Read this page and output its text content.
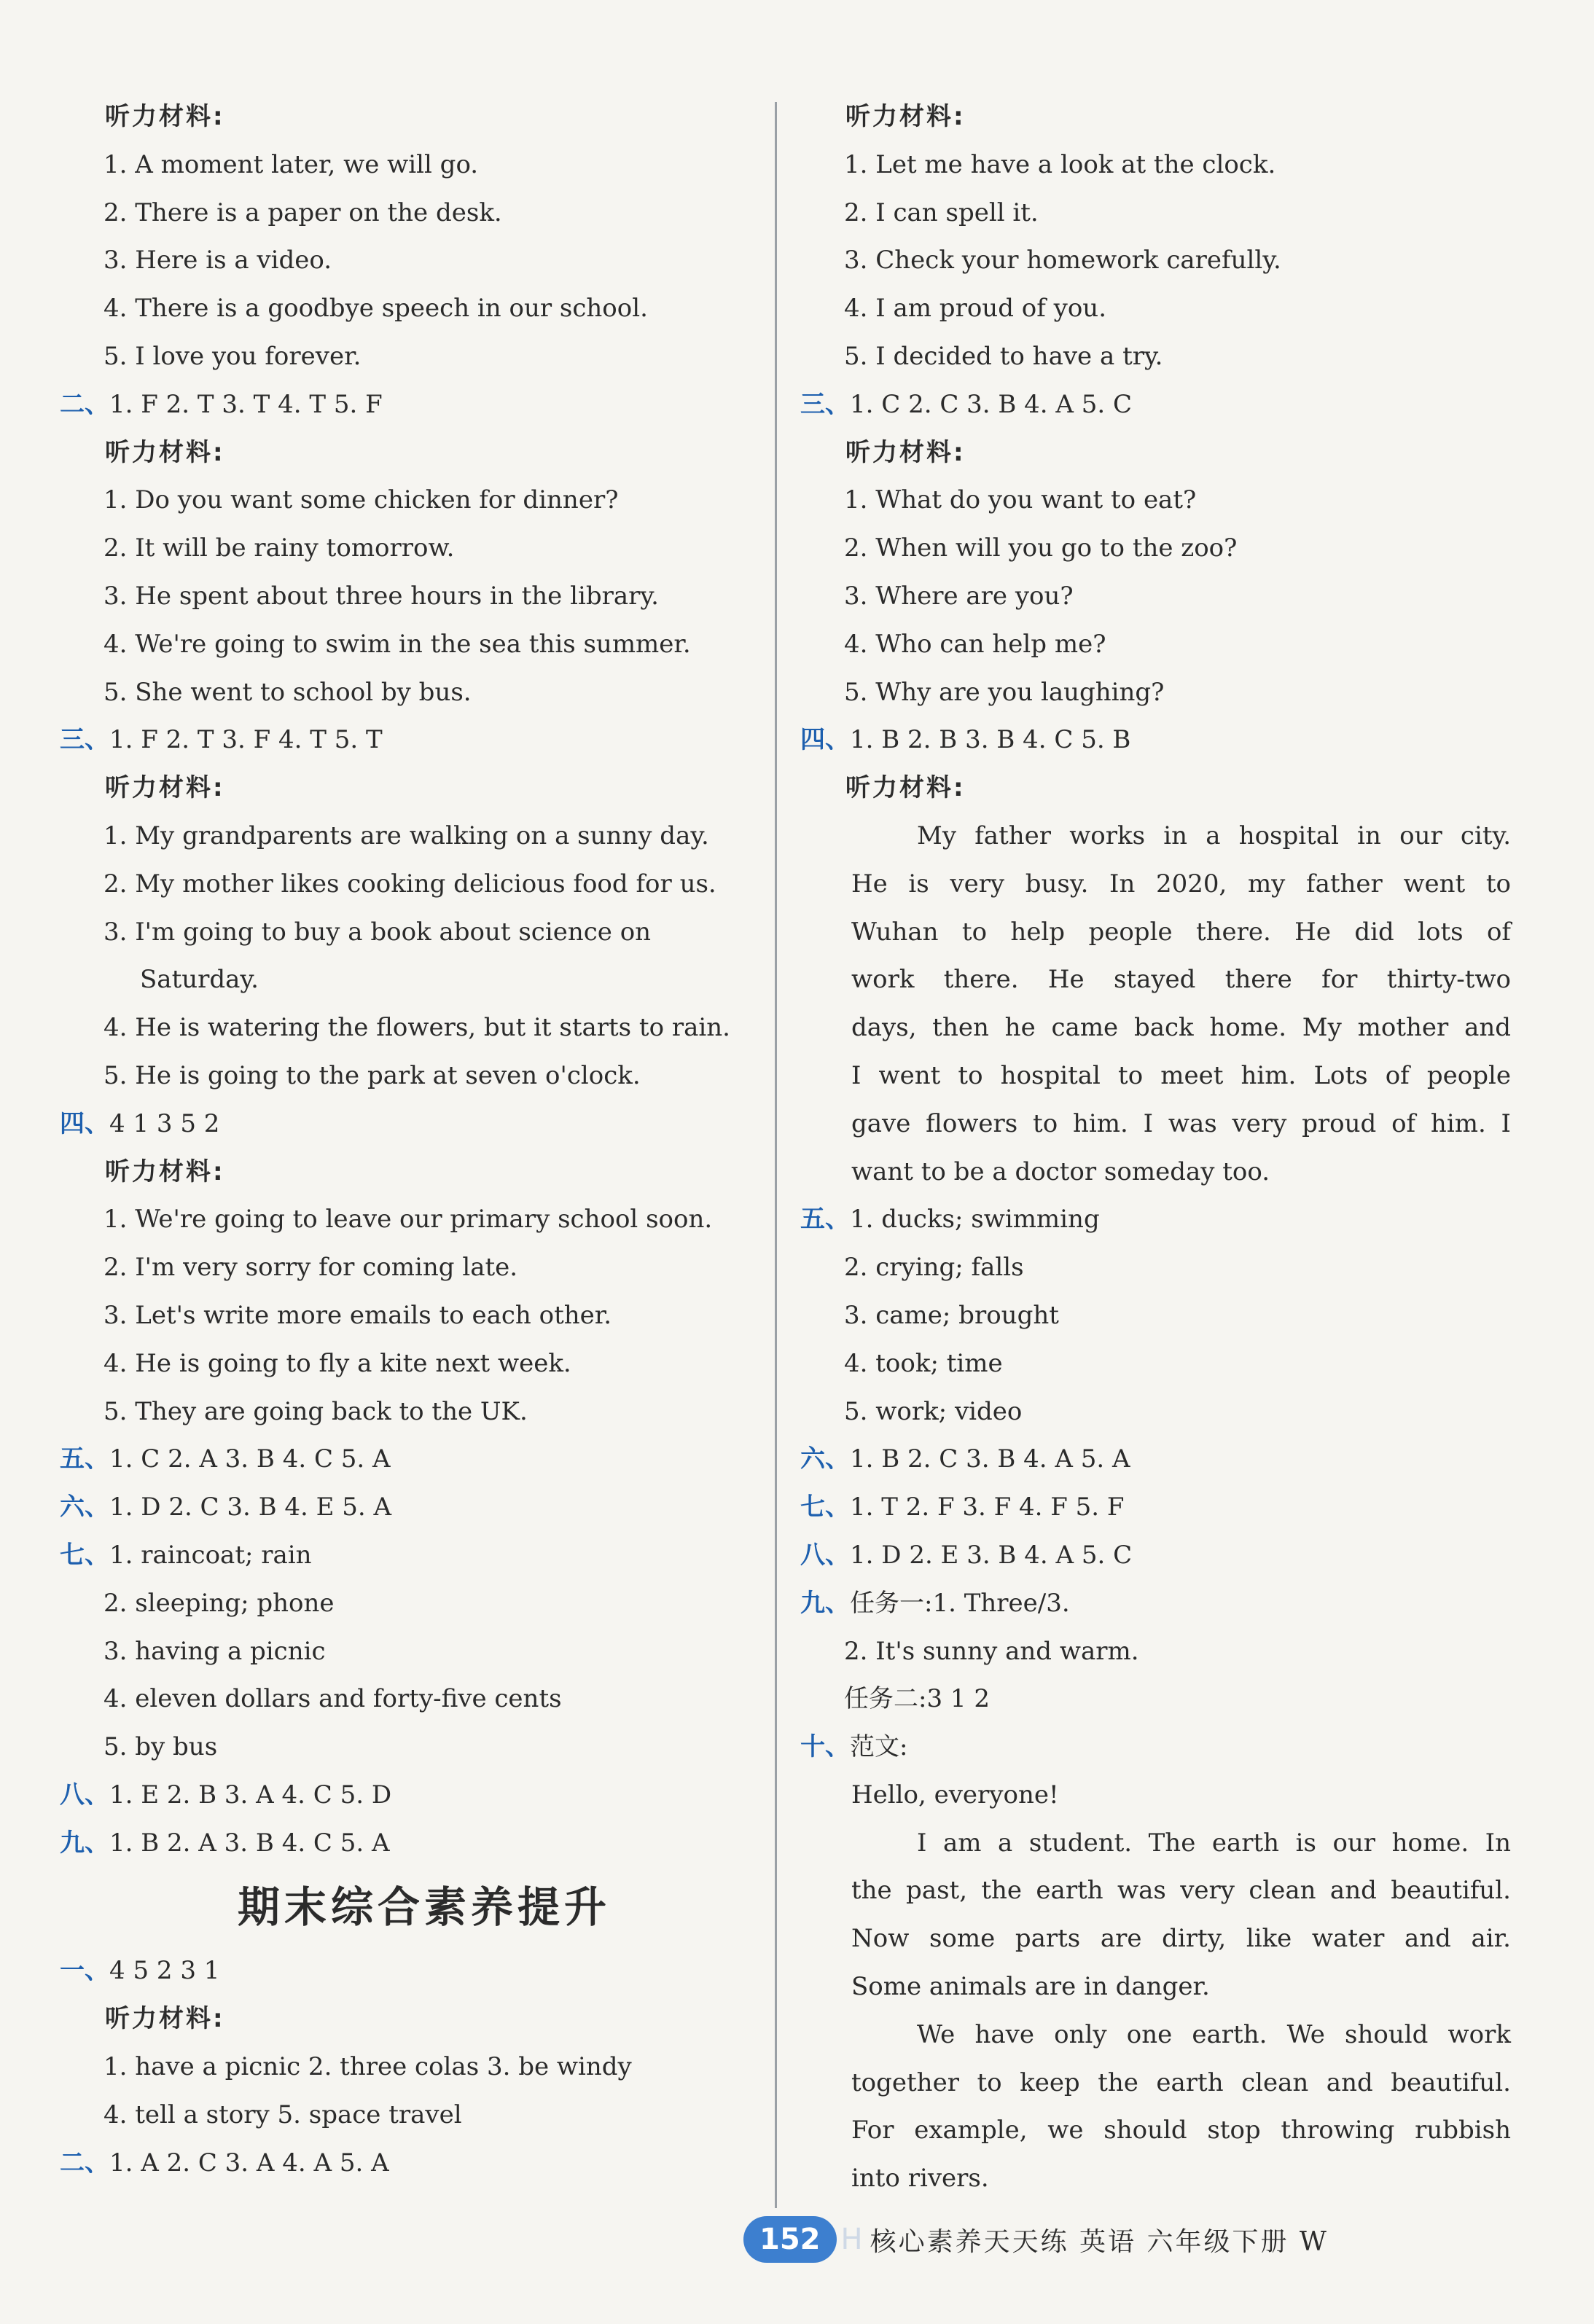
听力材料:
1. A moment later, we will go.
2. There is a paper on the desk.
3. Here is a video.
4. There is a goodbye speech in our school.
5. I love you forever.
二、1. F 2. T 3. T 4. T 5. F
听力材料:
1. Do you want some chicken for dinner?
2. It will be rainy tomorrow.
3. He spent about three hours in the library.
4. We're going to swim in the sea this summer.
5. She went to school by bus.
三、1. F 2. T 3. F 4. T 5. T
听力材料:
1. My grandparents are walking on a sunny day.
2. My mother likes cooking delicious food for us.
3. I'm going to buy a book about science on
Saturday.
4. He is watering the flowers, but it starts to rain.
5. He is going to the park at seven o'clock.
四、4 1 3 5 2
听力材料:
1. We're going to leave our primary school soon.
2. I'm very sorry for coming late.
3. Let's write more emails to each other.
4. He is going to fly a kite next week.
5. They are going back to the UK.
五、1. C 2. A 3. B 4. C 5. A
六、1. D 2. C 3. B 4. E 5. A
七、1. raincoat; rain
2. sleeping; phone
3. having a picnic
4. eleven dollars and forty-five cents
5. by bus
八、1. E 2. B 3. A 4. C 5. D
九、1. B 2. A 3. B 4. C 5. A
期末综合素养提升
一、4 5 2 3 1
听力材料:
1. have a picnic 2. three colas 3. be windy
4. tell a story 5. space travel
二、1. A 2. C 3. A 4. A 5. A
听力材料:
1. Let me have a look at the clock.
2. I can spell it.
3. Check your homework carefully.
4. I am proud of you.
5. I decided to have a try.
三、1. C 2. C 3. B 4. A 5. C
听力材料:
1. What do you want to eat?
2. When will you go to the zoo?
3. Where are you?
4. Who can help me?
5. Why are you laughing?
四、1. B 2. B 3. B 4. C 5. B
听力材料:
My father works in a hospital in our city.
He is very busy. In 2020, my father went to
Wuhan to help people there. He did lots of
work there. He stayed there for thirty-two
days, then he came back home. My mother and
I went to hospital to meet him. Lots of people
gave flowers to him. I was very proud of him. I
want to be a doctor someday too.
五、1. ducks; swimming
2. crying; falls
3. came; brought
4. took; time
5. work; video
六、1. B 2. C 3. B 4. A 5. A
七、1. T 2. F 3. F 4. F 5. F
八、1. D 2. E 3. B 4. A 5. C
九、任务一:1. Three/3.
2. It's sunny and warm.
任务二:3 1 2
十、范文:
Hello, everyone!
I am a student. The earth is our home. In
the past, the earth was very clean and beautiful.
Now some parts are dirty, like water and air.
Some animals are in danger.
We have only one earth. We should work
together to keep the earth clean and beautiful.
For example, we should stop throwing rubbish
into rivers.
152 H 核心素养天天练 英语 六年级下册 W
